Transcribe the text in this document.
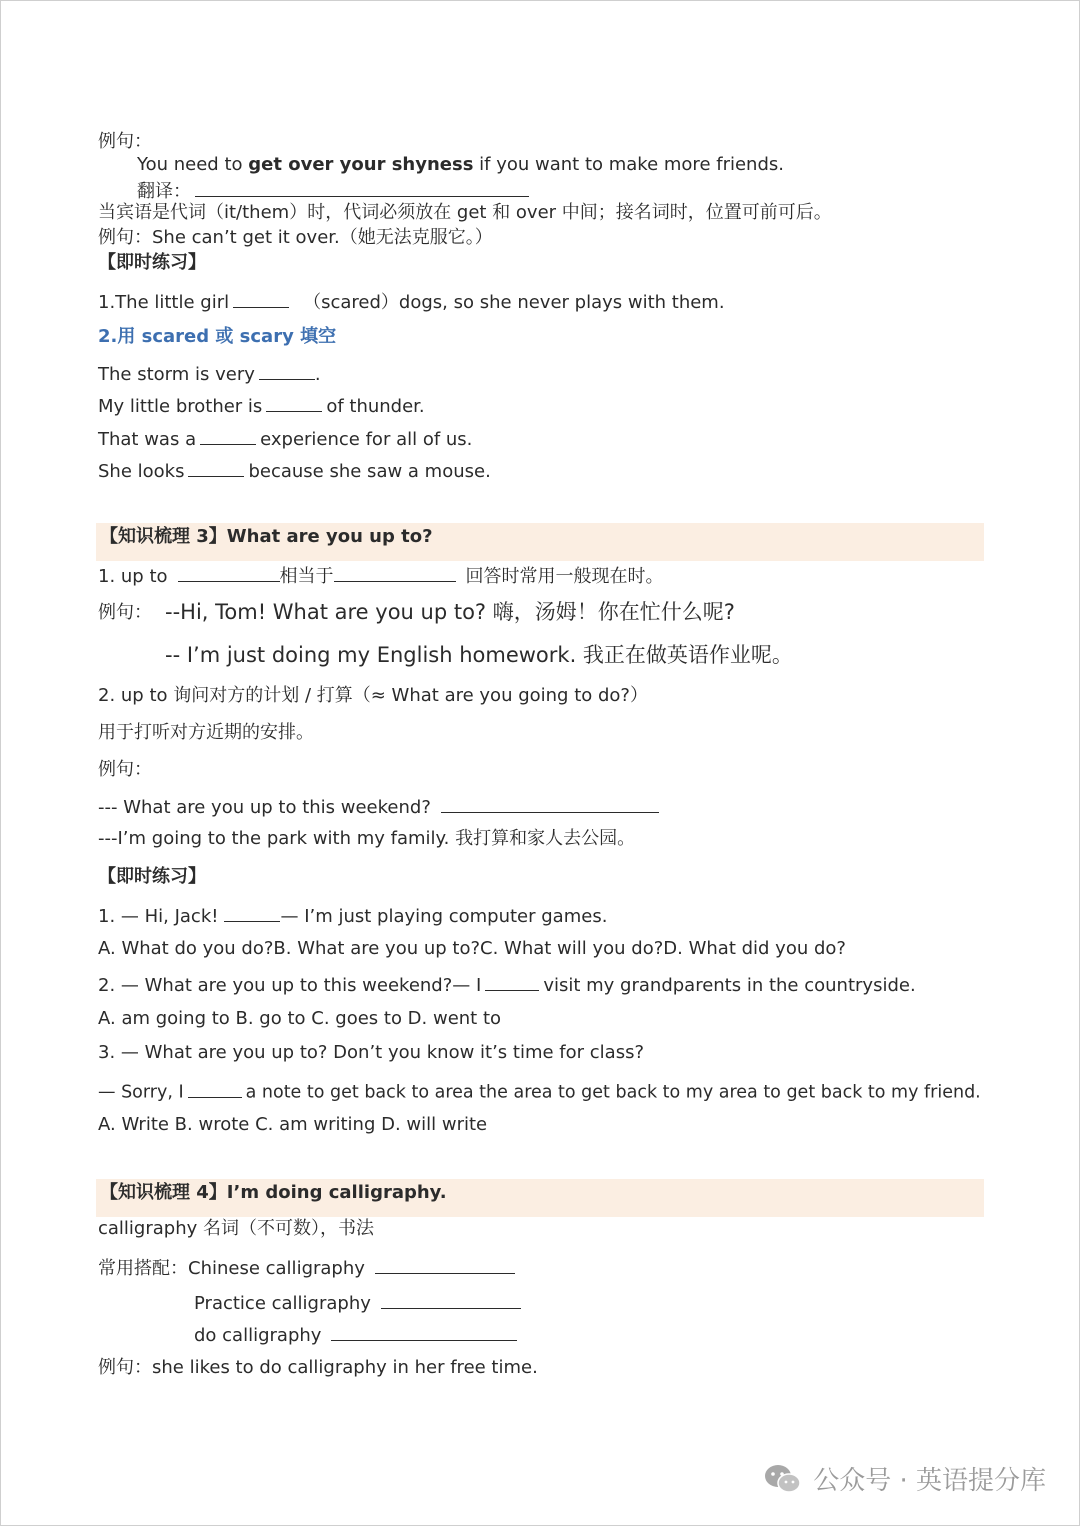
例句：
You need to get over your shyness if you want to make more friends.
翻译：
当宾语是代词（it/them）时，代词必须放在 get 和 over 中间；接名词时，位置可前可后。
例句：She can’t get it over.（她无法克服它。）
【即时练习】
1.The little girl	（scared）dogs, so she never plays with them.
2.用 scared 或 scary 填空
The storm is very	.
My little brother is	of thunder.
That was a	experience for all of us.
She looks	because she saw a mouse.
【知识梳理 3】What are you up to?
1. up to	相当于	回答时常用一般现在时。
例句： --Hi, Tom! What are you up to? 嗨，汤姆！你在忙什么呢?
-- I’m just doing my English homework. 我正在做英语作业呢。
2. up to 询问对方的计划 / 打算（≈ What are you going to do?）
用于打听对方近期的安排。
例句：
--- What are you up to this weekend?
---I’m going to the park with my family. 我打算和家人去公园。
【即时练习】
1. — Hi, Jack!	— I’m just playing computer games.
A. What do you do?B. What are you up to?C. What will you do?D. What did you do?
2. — What are you up to this weekend?— I	visit my grandparents in the countryside.
A. am going to B. go to C. goes to D. went to
3. — What are you up to? Don’t you know it’s time for class?
— Sorry, I	a note to get back to area the area to get back to my area to get back to my friend.
A. Write B. wrote C. am writing D. will write
【知识梳理 4】I’m doing calligraphy.
calligraphy 名词（不可数），书法
常用搭配：Chinese calligraphy
Practice calligraphy
do calligraphy
例句：she likes to do calligraphy in her free time.
公众号 · 英语提分库
